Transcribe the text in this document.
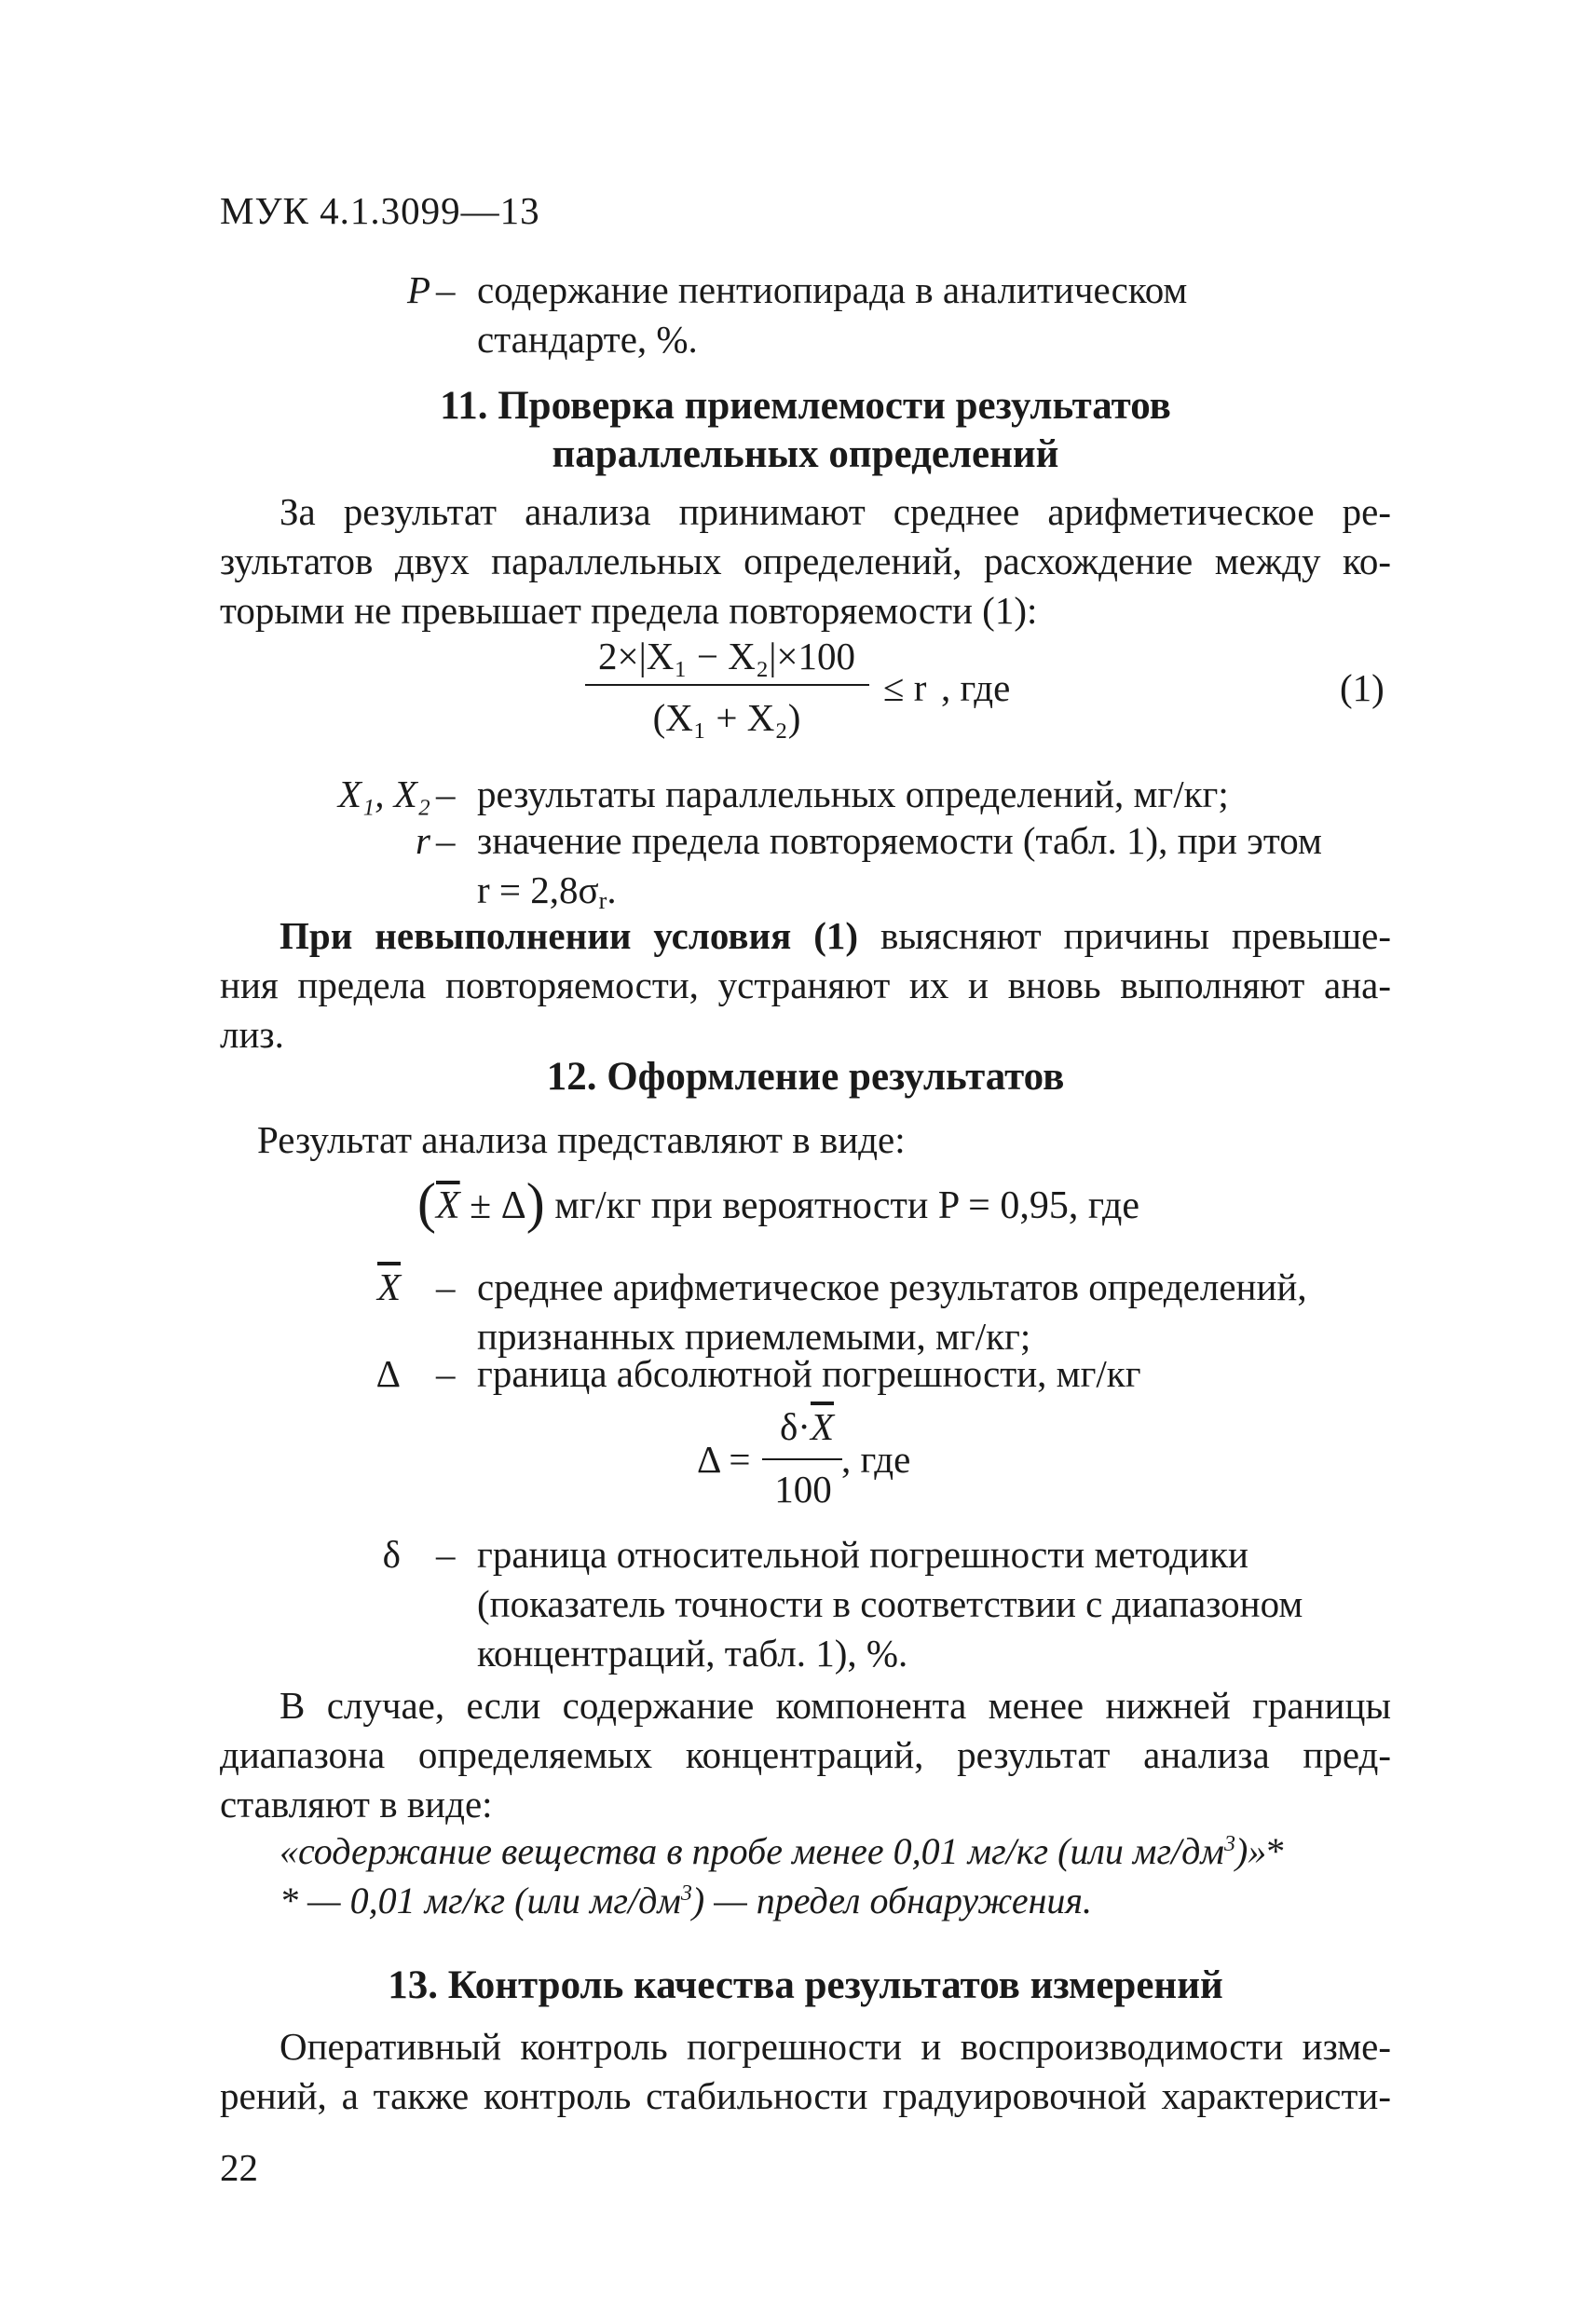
МУК 4.1.3099—13
P – содержание пентиопирада в аналитическом
стандарте, %.
11. Проверка приемлемости результатов
параллельных определений
За результат анализа принимают среднее арифметическое ре-
зультатов двух параллельных определений, расхождение между ко-
торыми не превышает предела повторяемости (1):
2×|X₁ − X₂|×100
(X₁ + X₂)
≤ r , где	(1)
X₁, X₂ – результаты параллельных определений, мг/кг;
r – значение предела повторяемости (табл. 1), при этом
$r = 2,8\sigma_r$.
При невыполнении условия (1) выясняют причины превыше-
ния предела повторяемости, устраняют их и вновь выполняют ана-
лиз.
12. Оформление результатов
Результат анализа представляют в виде:
$(\overline{X} \pm \Delta)$ мг/кг при вероятности P = 0,95, где
$\overline{X}$ – среднее арифметическое результатов определений,
признанных приемлемыми, мг/кг;
Δ – граница абсолютной погрешности, мг/кг
Δ =
$\delta\cdot\overline{X}$
100
, где
δ – граница относительной погрешности методики
(показатель точности в соответствии с диапазоном
концентраций, табл. 1), %.
В случае, если содержание компонента менее нижней границы
диапазона определяемых концентраций, результат анализа пред-
ставляют в виде:
«содержание вещества в пробе менее 0,01 мг/кг (или $мг/дм^3)»*$
* — 0,01 мг/кг (или $мг/дм^3$) — предел обнаружения.
13. Контроль качества результатов измерений
Оперативный контроль погрешности и воспроизводимости изме-
рений, а также контроль стабильности градуировочной характеристи-
22
